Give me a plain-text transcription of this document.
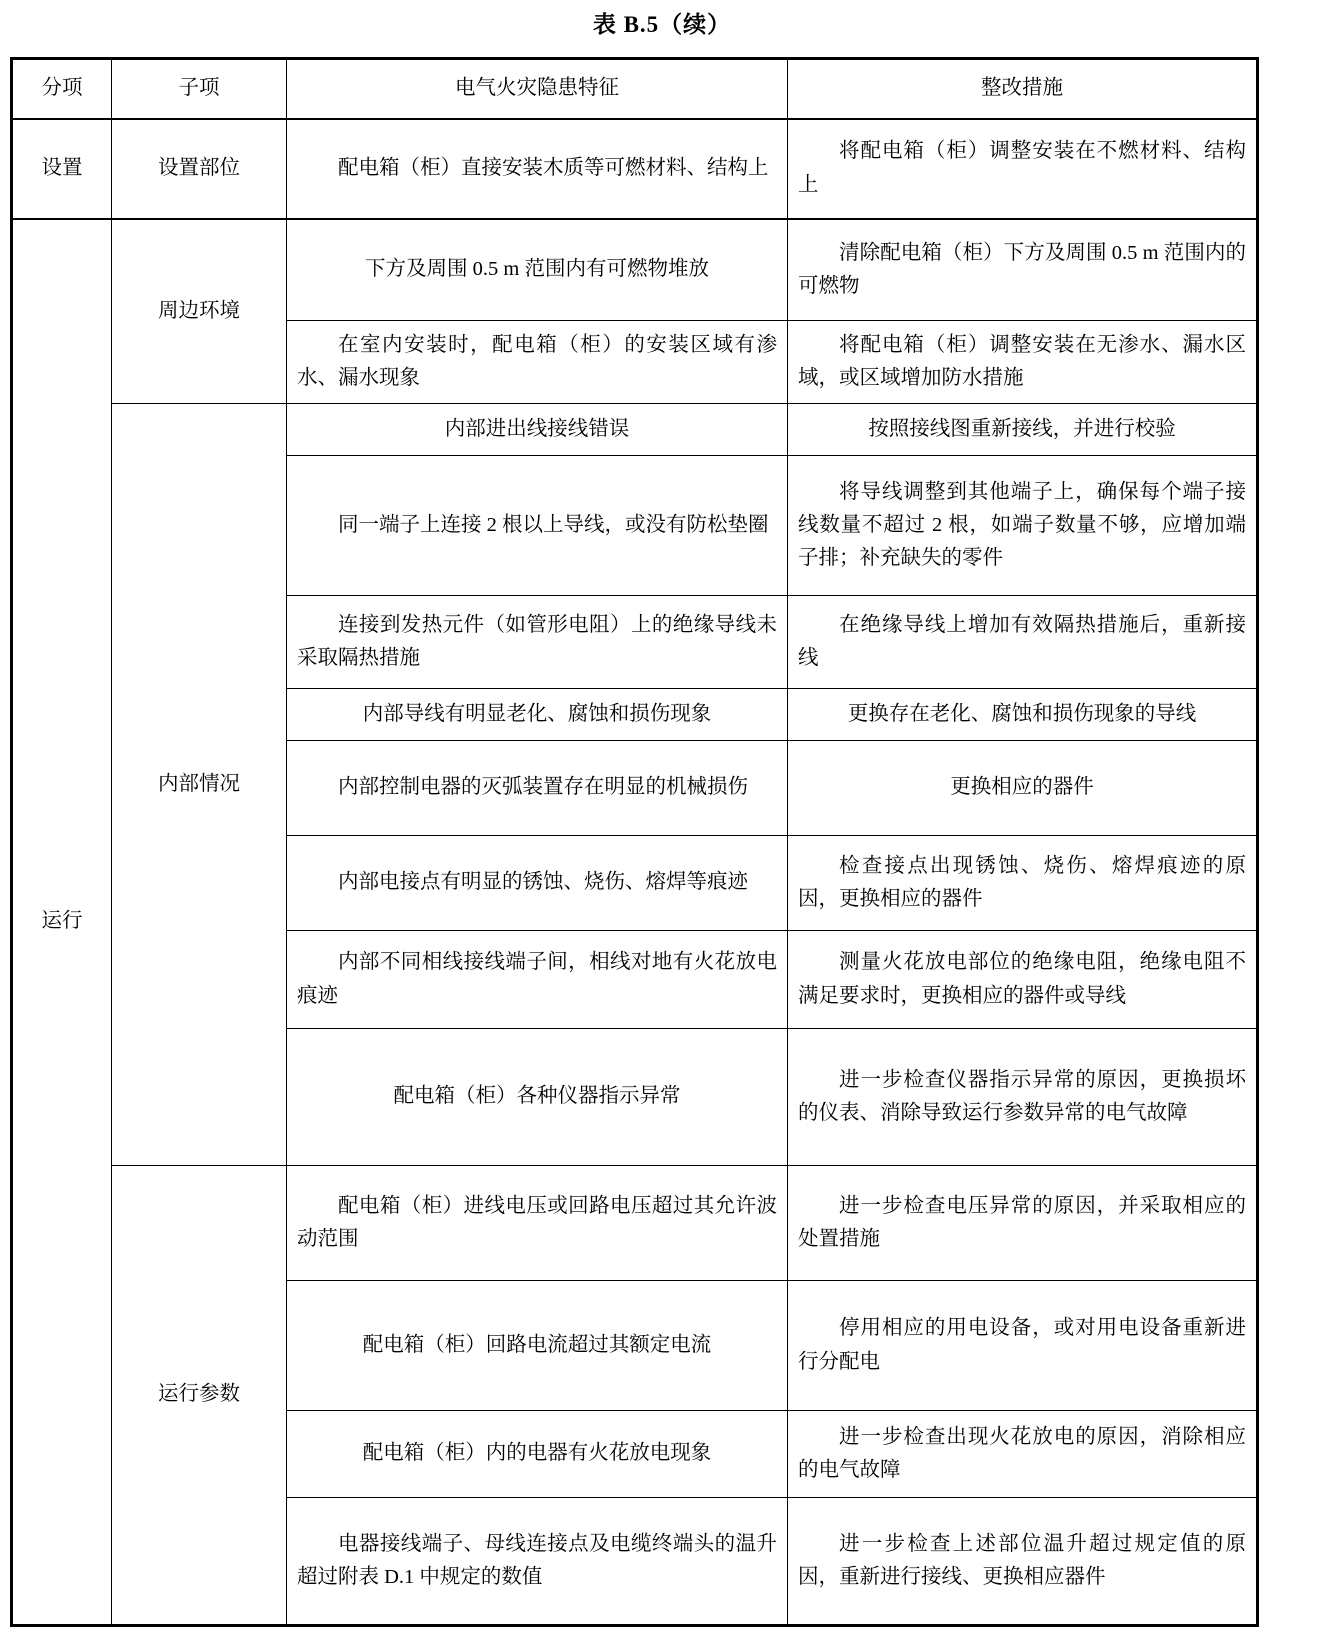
表 B.5（续）
分项	子项	电气火灾隐患特征	整改措施
设置	设置部位	配电箱（柜）直接安装木质等可燃材料、结构上	将配电箱（柜）调整安装在不燃材料、结构上
运行	周边环境	下方及周围 0.5 m 范围内有可燃物堆放	清除配电箱（柜）下方及周围 0.5 m 范围内的可燃物
		在室内安装时，配电箱（柜）的安装区域有渗水、漏水现象	将配电箱（柜）调整安装在无渗水、漏水区域，或区域增加防水措施
	内部情况	内部进出线接线错误	按照接线图重新接线，并进行校验
		同一端子上连接 2 根以上导线，或没有防松垫圈	将导线调整到其他端子上，确保每个端子接线数量不超过 2 根，如端子数量不够，应增加端子排；补充缺失的零件
		连接到发热元件（如管形电阻）上的绝缘导线未采取隔热措施	在绝缘导线上增加有效隔热措施后，重新接线
		内部导线有明显老化、腐蚀和损伤现象	更换存在老化、腐蚀和损伤现象的导线
		内部控制电器的灭弧装置存在明显的机械损伤	更换相应的器件
		内部电接点有明显的锈蚀、烧伤、熔焊等痕迹	检查接点出现锈蚀、烧伤、熔焊痕迹的原因，更换相应的器件
		内部不同相线接线端子间，相线对地有火花放电痕迹	测量火花放电部位的绝缘电阻，绝缘电阻不满足要求时，更换相应的器件或导线
		配电箱（柜）各种仪器指示异常	进一步检查仪器指示异常的原因，更换损坏的仪表、消除导致运行参数异常的电气故障
	运行参数	配电箱（柜）进线电压或回路电压超过其允许波动范围	进一步检查电压异常的原因，并采取相应的处置措施
		配电箱（柜）回路电流超过其额定电流	停用相应的用电设备，或对用电设备重新进行分配电
		配电箱（柜）内的电器有火花放电现象	进一步检查出现火花放电的原因，消除相应的电气故障
		电器接线端子、母线连接点及电缆终端头的温升超过附表 D.1 中规定的数值	进一步检查上述部位温升超过规定值的原因，重新进行接线、更换相应器件
